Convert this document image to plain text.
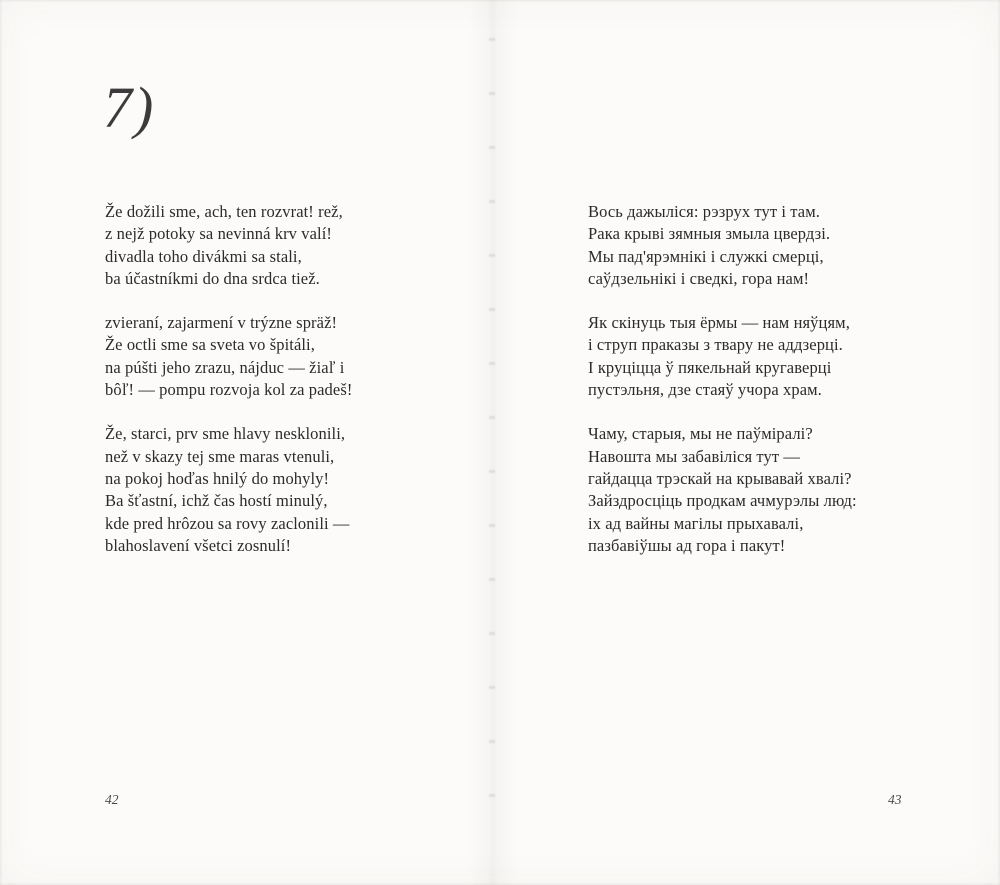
7)
Že dožili sme, ach, ten rozvrat! rež,
z nejž potoky sa nevinná krv valí!
divadla toho divákmi sa stali,
ba účastníkmi do dna srdca tiež.
zvieraní, zajarmení v trýzne spräž!
Že octli sme sa sveta vo špitáli,
na púšti jeho zrazu, nájduc — žiaľ i
bôľ! — pompu rozvoja kol za padeš!
Že, starci, prv sme hlavy nesklonili,
než v skazy tej sme maras vtenuli,
na pokoj hoďas hnilý do mohyly!
Ba šťastní, ichž čas hostí minulý,
kde pred hrôzou sa rovy zaclonili —
blahoslavení všetci zosnulí!
Вось дажыліся: рэзрух тут і там.
Рака крыві зямныя змыла цвердзі.
Мы пад'ярэмнікі і служкі смерці,
саўдзельнікі і сведкі, гора нам!
Як скінуць тыя ёрмы — нам няўцям,
і струп праказы з твару не аддзерці.
І круціцца ў пякельнай кругаверці
пустэльня, дзе стаяў учора храм.
Чаму, старыя, мы не паўміралі?
Навошта мы забавіліся тут —
гайдацца трэскай на крывавай хвалі?
Зайздросціць продкам ачмурэлы люд:
іх ад вайны магілы прыхавалі,
пазбавіўшы ад гора і пакут!
42	43
